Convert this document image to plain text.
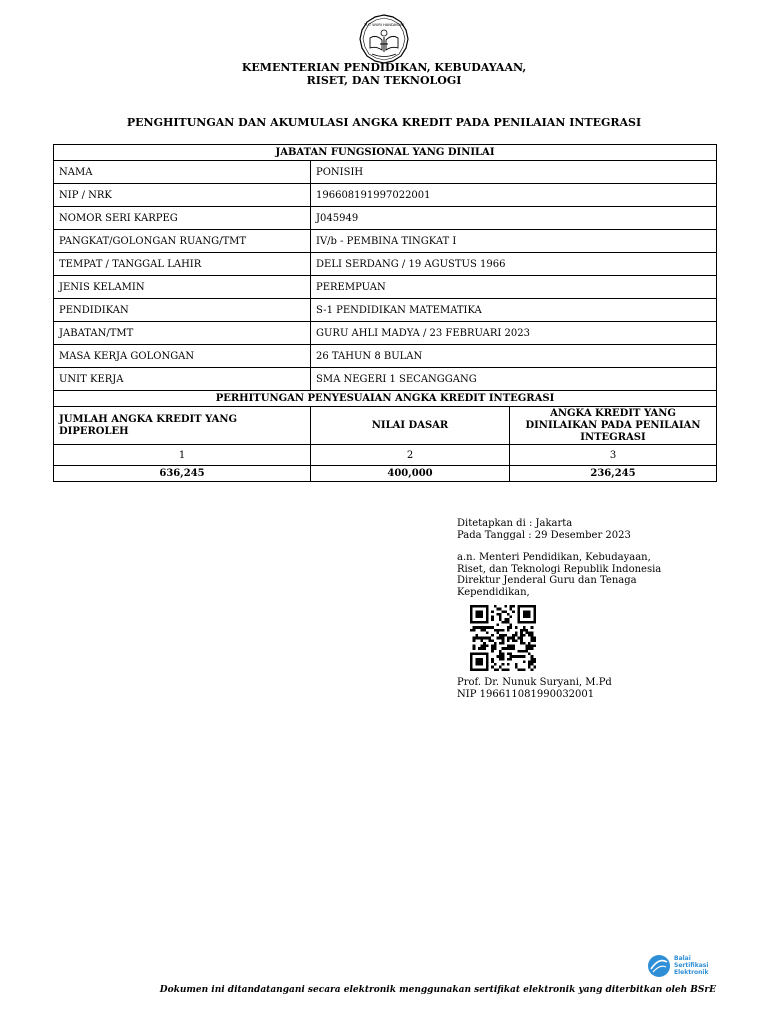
TUT WURI HANDAYANI
KEMENTERIAN PENDIDIKAN, KEBUDAYAAN,
RISET, DAN TEKNOLOGI
PENGHITUNGAN DAN AKUMULASI ANGKA KREDIT PADA PENILAIAN INTEGRASI
JABATAN FUNGSIONAL YANG DINILAI		
NAMA	PONISIH	
NIP / NRK	196608191997022001	
NOMOR SERI KARPEG	J045949	
PANGKAT/GOLONGAN RUANG/TMT	IV/b - PEMBINA TINGKAT I	
TEMPAT / TANGGAL LAHIR	DELI SERDANG / 19 AGUSTUS 1966	
JENIS KELAMIN	PEREMPUAN	
PENDIDIKAN	S-1 PENDIDIKAN MATEMATIKA	
JABATAN/TMT	GURU AHLI MADYA / 23 FEBRUARI 2023	
MASA KERJA GOLONGAN	26 TAHUN 8 BULAN	
UNIT KERJA	SMA NEGERI 1 SECANGGANG	
PERHITUNGAN PENYESUAIAN ANGKA KREDIT INTEGRASI		
JUMLAH ANGKA KREDIT YANG DIPEROLEH	NILAI DASAR	ANGKA KREDIT YANG DINILAIKAN PADA PENILAIAN INTEGRASI
1	2	3
636,245	400,000	236,245
Ditetapkan di : Jakarta
Pada Tanggal : 29 Desember 2023
a.n. Menteri Pendidikan, Kebudayaan,
Riset, dan Teknologi Republik Indonesia
Direktur Jenderal Guru dan Tenaga
Kependidikan,
Prof. Dr. Nunuk Suryani, M.Pd
NIP 196611081990032001
Balai
Sertifikasi
Elektronik
Dokumen ini ditandatangani secara elektronik menggunakan sertifikat elektronik yang diterbitkan oleh BSrE
